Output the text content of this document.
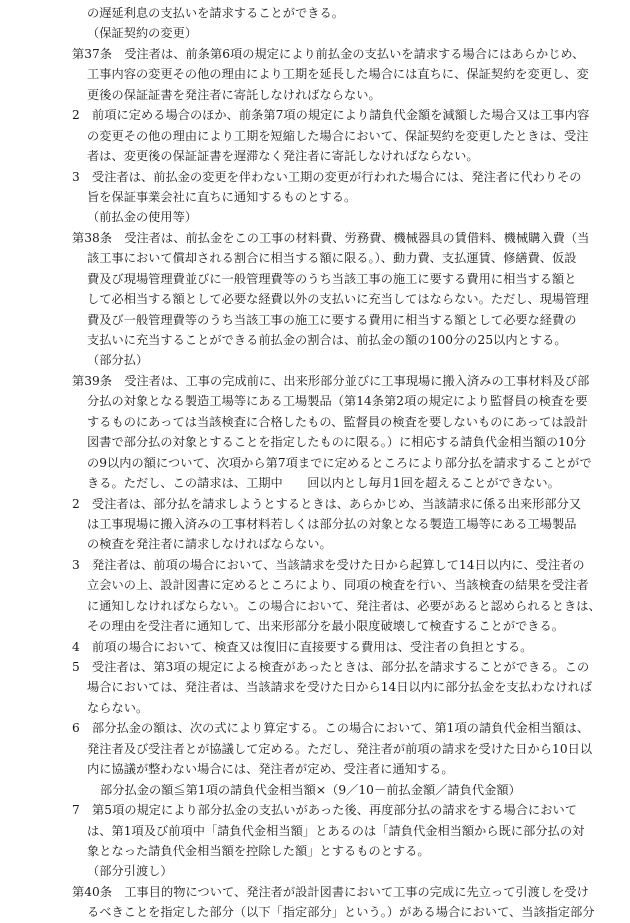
の遅延利息の支払いを請求することができる。
（保証契約の変更）
第37条　受注者は、前条第6項の規定により前払金の支払いを請求する場合にはあらかじめ、
工事内容の変更その他の理由により工期を延長した場合には直ちに、保証契約を変更し、変
更後の保証証書を発注者に寄託しなければならない。
2　前項に定める場合のほか、前条第7項の規定により請負代金額を減額した場合又は工事内容
の変更その他の理由により工期を短縮した場合において、保証契約を変更したときは、受注
者は、変更後の保証証書を遅滞なく発注者に寄託しなければならない。
3　受注者は、前払金の変更を伴わない工期の変更が行われた場合には、発注者に代わりその
旨を保証事業会社に直ちに通知するものとする。
（前払金の使用等）
第38条　受注者は、前払金をこの工事の材料費、労務費、機械器具の賃借料、機械購入費（当
該工事において償却される割合に相当する額に限る。）、動力費、支払運賃、修繕費、仮設
費及び現場管理費並びに一般管理費等のうち当該工事の施工に要する費用に相当する額と
して必相当する額として必要な経費以外の支払いに充当してはならない。ただし、現場管理
費及び一般管理費等のうち当該工事の施工に要する費用に相当する額として必要な経費の
支払いに充当することができる前払金の割合は、前払金の額の100分の25以内とする。
（部分払）
第39条　受注者は、工事の完成前に、出来形部分並びに工事現場に搬入済みの工事材料及び部
分払の対象となる製造工場等にある工場製品（第14条第2項の規定により監督員の検査を要
するものにあっては当該検査に合格したもの、監督員の検査を要しないものにあっては設計
図書で部分払の対象とすることを指定したものに限る。）に相応する請負代金相当額の10分
の9以内の額について、次項から第7項までに定めるところにより部分払を請求することがで
きる。ただし、この請求は、工期中　　回以内とし毎月1回を超えることができない。
2　受注者は、部分払を請求しようとするときは、あらかじめ、当該請求に係る出来形部分又
は工事現場に搬入済みの工事材料若しくは部分払の対象となる製造工場等にある工場製品
の検査を発注者に請求しなければならない。
3　発注者は、前項の場合において、当該請求を受けた日から起算して14日以内に、受注者の
立会いの上、設計図書に定めるところにより、同項の検査を行い、当該検査の結果を受注者
に通知しなければならない。この場合において、発注者は、必要があると認められるときは、
その理由を受注者に通知して、出来形部分を最小限度破壊して検査することができる。
4　前項の場合において、検査又は復旧に直接要する費用は、受注者の負担とする。
5　受注者は、第3項の規定による検査があったときは、部分払を請求することができる。この
場合においては、発注者は、当該請求を受けた日から14日以内に部分払金を支払わなければ
ならない。
6　部分払金の額は、次の式により算定する。この場合において、第1項の請負代金相当額は、
発注者及び受注者とが協議して定める。ただし、発注者が前項の請求を受けた日から10日以
内に協議が整わない場合には、発注者が定め、受注者に通知する。
部分払金の額≦第1項の請負代金相当額×（9／10－前払金額／請負代金額）
7　第5項の規定により部分払金の支払いがあった後、再度部分払の請求をする場合において
は、第1項及び前項中「請負代金相当額」とあるのは「請負代金相当額から既に部分払の対
象となった請負代金相当額を控除した額」とするものとする。
（部分引渡し）
第40条　工事目的物について、発注者が設計図書において工事の完成に先立って引渡しを受け
るべきことを指定した部分（以下「指定部分」という。）がある場合において、当該指定部分
